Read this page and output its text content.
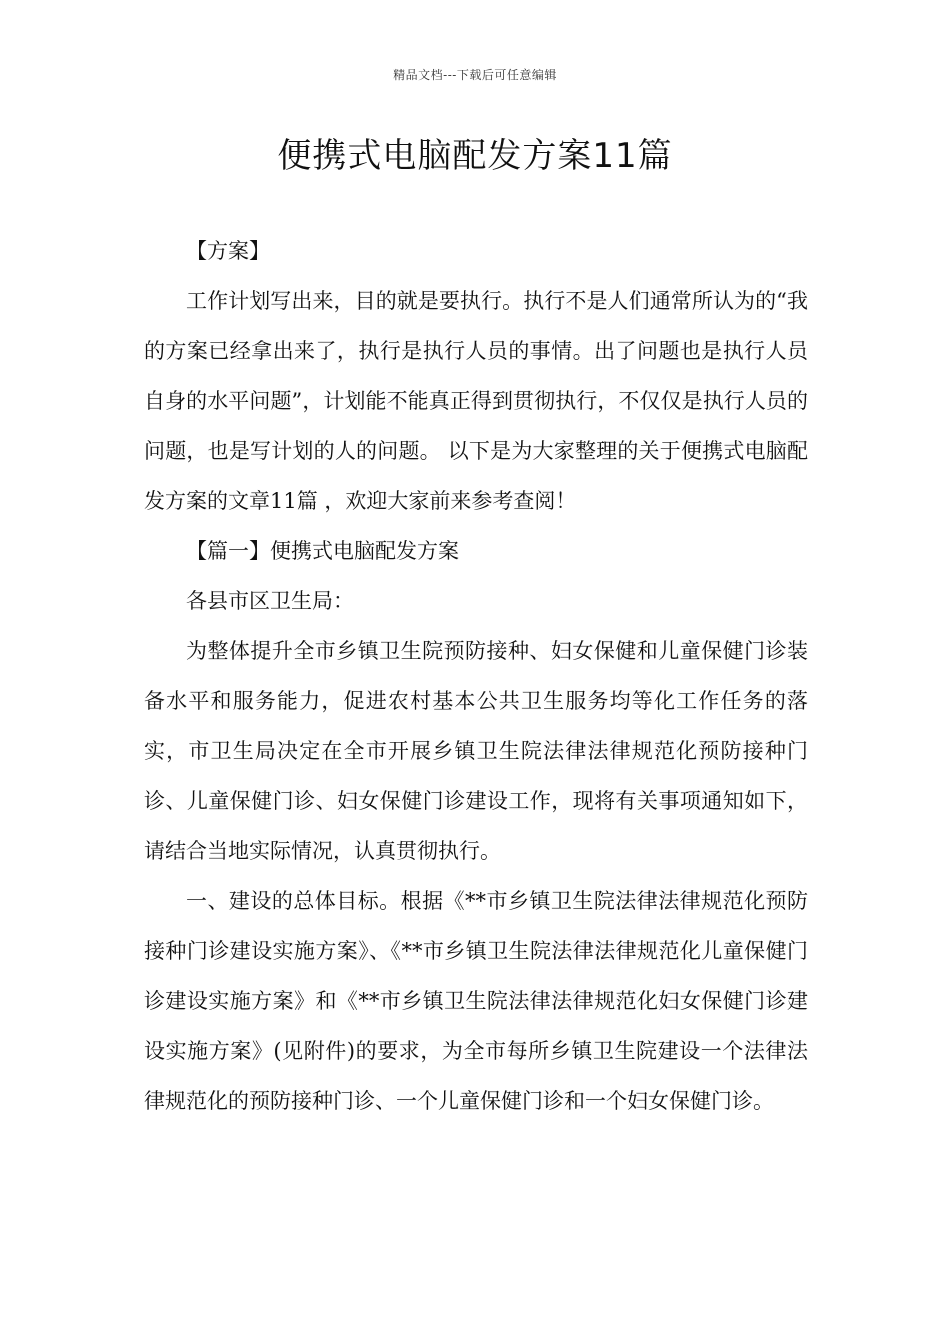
精品文档---下载后可任意编辑
便携式电脑配发方案11篇

【方案】

工作计划写出来，目的就是要执行。执行不是人们通常所认为的“我的方案已经拿出来了，执行是执行人员的事情。出了问题也是执行人员自身的水平问题”，计划能不能真正得到贯彻执行，不仅仅是执行人员的问题，也是写计划的人的问题。 以下是为大家整理的关于便携式电脑配发方案的文章11篇 ，欢迎大家前来参考查阅！

【篇一】便携式电脑配发方案

各县市区卫生局：

为整体提升全市乡镇卫生院预防接种、妇女保健和儿童保健门诊装备水平和服务能力，促进农村基本公共卫生服务均等化工作任务的落实，市卫生局决定在全市开展乡镇卫生院法律法律规范化预防接种门诊、儿童保健门诊、妇女保健门诊建设工作，现将有关事项通知如下，请结合当地实际情况，认真贯彻执行。

一、建设的总体目标。根据《**市乡镇卫生院法律法律规范化预防接种门诊建设实施方案》、《**市乡镇卫生院法律法律规范化儿童保健门诊建设实施方案》和《**市乡镇卫生院法律法律规范化妇女保健门诊建设实施方案》(见附件)的要求，为全市每所乡镇卫生院建设一个法律法律规范化的预防接种门诊、一个儿童保健门诊和一个妇女保健门诊。
